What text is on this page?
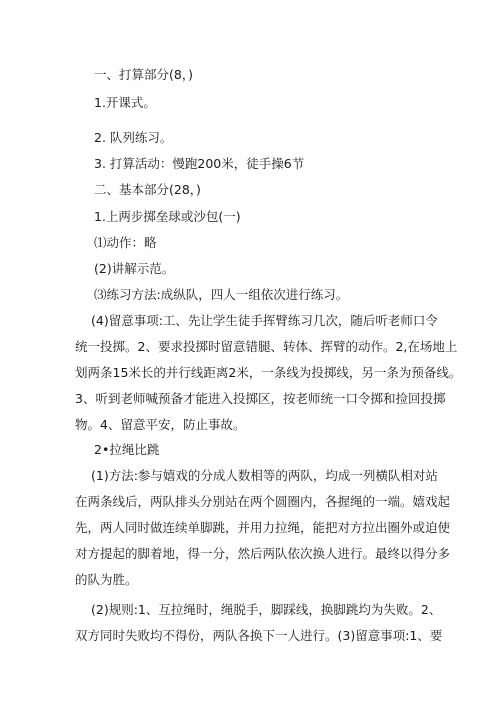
一、打算部分(8，)
1.开课式。
2. 队列练习。
3. 打算活动：慢跑200米，徒手操6节
二、基本部分(28，)
1.上两步掷垒球或沙包(一)
⑴动作：略
(2)讲解示范。
⑶练习方法:成纵队，四人一组依次进行练习。

(4)留意事项:工、先让学生徒手挥臂练习几次，随后听老师口令

统一投掷。2、要求投掷时留意错腿、转体、挥臂的动作。2,在场地上

划两条15米长的并行线距离2米，一条线为投掷线，另一条为预备线。

3、听到老师喊预备才能进入投掷区，按老师统一口令掷和捡回投掷

物。4、留意平安，防止事故。

2•拉绳比跳

(1)方法:参与嬉戏的分成人数相等的两队，均成一列横队相对站

在两条线后，两队排头分别站在两个圆圈内，各握绳的一端。嬉戏起

先，两人同时做连续单脚跳，并用力拉绳，能把对方拉出圈外或迫使

对方提起的脚着地，得一分，然后两队依次换人进行。最终以得分多

的队为胜。

(2)规则:1、互拉绳时，绳脱手，脚踩线，换脚跳均为失败。2、

双方同时失败均不得份，两队各换下一人进行。(3)留意事项:1、要
